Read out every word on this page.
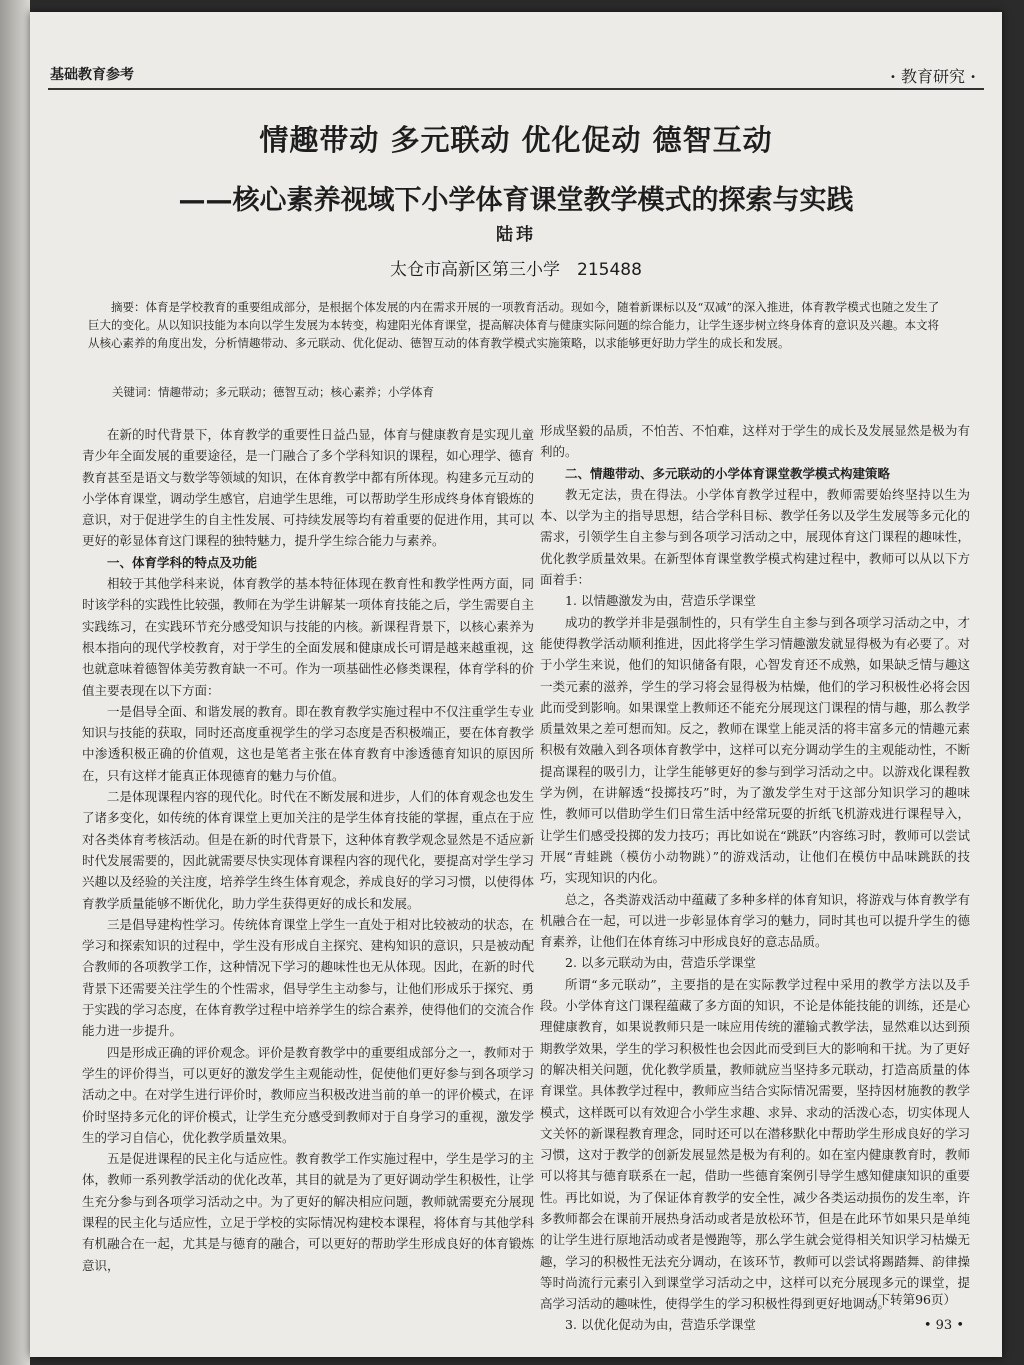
基础教育参考	• 教育研究 •
情趣带动 多元联动 优化促动 德智互动
——核心素养视域下小学体育课堂教学模式的探索与实践
陆玮
太仓市高新区第三小学　215488
摘要：体育是学校教育的重要组成部分，是根据个体发展的内在需求开展的一项教育活动。现如今，随着新课标以及“双减”的深入推进，体育教学模式也随之发生了巨大的变化。从以知识技能为本向以学生发展为本转变，构建阳光体育课堂，提高解决体育与健康实际问题的综合能力，让学生逐步树立终身体育的意识及兴趣。本文将从核心素养的角度出发，分析情趣带动、多元联动、优化促动、德智互动的体育教学模式实施策略，以求能够更好助力学生的成长和发展。
关键词：情趣带动；多元联动；德智互动；核心素养；小学体育

在新的时代背景下，体育教学的重要性日益凸显，体育与健康教育是实现儿童青少年全面发展的重要途径，是一门融合了多个学科知识的课程，如心理学、德育教育甚至是语文与数学等领域的知识，在体育教学中都有所体现。构建多元互动的小学体育课堂，调动学生感官，启迪学生思维，可以帮助学生形成终身体育锻炼的意识，对于促进学生的自主性发展、可持续发展等均有着重要的促进作用，其可以更好的彰显体育这门课程的独特魅力，提升学生综合能力与素养。

一、体育学科的特点及功能

相较于其他学科来说，体育教学的基本特征体现在教育性和教学性两方面，同时该学科的实践性比较强，教师在为学生讲解某一项体育技能之后，学生需要自主实践练习，在实践环节充分感受知识与技能的内核。新课程背景下，以核心素养为根本指向的现代学校教育，对于学生的全面发展和健康成长可谓是越来越重视，这也就意味着德智体美劳教育缺一不可。作为一项基础性必修类课程，体育学科的价值主要表现在以下方面：

一是倡导全面、和谐发展的教育。即在教育教学实施过程中不仅注重学生专业知识与技能的获取，同时还高度重视学生的学习态度是否积极端正，要在体育教学中渗透积极正确的价值观，这也是笔者主张在体育教育中渗透德育知识的原因所在，只有这样才能真正体现德育的魅力与价值。

二是体现课程内容的现代化。时代在不断发展和进步，人们的体育观念也发生了诸多变化，如传统的体育课堂上更加关注的是学生体育技能的掌握，重点在于应对各类体育考核活动。但是在新的时代背景下，这种体育教学观念显然是不适应新时代发展需要的，因此就需要尽快实现体育课程内容的现代化，要提高对学生学习兴趣以及经验的关注度，培养学生终生体育观念，养成良好的学习习惯，以使得体育教学质量能够不断优化，助力学生获得更好的成长和发展。

三是倡导建构性学习。传统体育课堂上学生一直处于相对比较被动的状态，在学习和探索知识的过程中，学生没有形成自主探究、建构知识的意识，只是被动配合教师的各项教学工作，这种情况下学习的趣味性也无从体现。因此，在新的时代背景下还需要关注学生的个性需求，倡导学生主动参与，让他们形成乐于探究、勇于实践的学习态度，在体育教学过程中培养学生的综合素养，使得他们的交流合作能力进一步提升。

四是形成正确的评价观念。评价是教育教学中的重要组成部分之一，教师对于学生的评价得当，可以更好的激发学生主观能动性，促使他们更好参与到各项学习活动之中。在对学生进行评价时，教师应当积极改进当前的单一的评价模式，在评价时坚持多元化的评价模式，让学生充分感受到教师对于自身学习的重视，激发学生的学习自信心，优化教学质量效果。

五是促进课程的民主化与适应性。教育教学工作实施过程中，学生是学习的主体，教师一系列教学活动的优化改革，其目的就是为了更好调动学生积极性，让学生充分参与到各项学习活动之中。为了更好的解决相应问题，教师就需要充分展现课程的民主化与适应性，立足于学校的实际情况构建校本课程，将体育与其他学科有机融合在一起，尤其是与德育的融合，可以更好的帮助学生形成良好的体育锻炼意识，

形成坚毅的品质，不怕苦、不怕难，这样对于学生的成长及发展显然是极为有利的。

二、情趣带动、多元联动的小学体育课堂教学模式构建策略

教无定法，贵在得法。小学体育教学过程中，教师需要始终坚持以生为本、以学为主的指导思想，结合学科目标、教学任务以及学生发展等多元化的需求，引领学生自主参与到各项学习活动之中，展现体育这门课程的趣味性，优化教学质量效果。在新型体育课堂教学模式构建过程中，教师可以从以下方面着手：

1. 以情趣激发为由，营造乐学课堂

成功的教学并非是强制性的，只有学生自主参与到各项学习活动之中，才能使得教学活动顺利推进，因此将学生学习情趣激发就显得极为有必要了。对于小学生来说，他们的知识储备有限，心智发育还不成熟，如果缺乏情与趣这一类元素的滋养，学生的学习将会显得极为枯燥，他们的学习积极性必将会因此而受到影响。如果课堂上教师还不能充分展现这门课程的情与趣，那么教学质量效果之差可想而知。反之，教师在课堂上能灵活的将丰富多元的情趣元素积极有效融入到各项体育教学中，这样可以充分调动学生的主观能动性，不断提高课程的吸引力，让学生能够更好的参与到学习活动之中。以游戏化课程教学为例，在讲解透“投掷技巧”时，为了激发学生对于这部分知识学习的趣味性，教师可以借助学生们日常生活中经常玩耍的折纸飞机游戏进行课程导入，让学生们感受投掷的发力技巧；再比如说在“跳跃”内容练习时，教师可以尝试开展“青蛙跳（模仿小动物跳）”的游戏活动，让他们在模仿中品味跳跃的技巧，实现知识的内化。

总之，各类游戏活动中蕴藏了多种多样的体育知识，将游戏与体育教学有机融合在一起，可以进一步彰显体育学习的魅力，同时其也可以提升学生的德育素养，让他们在体育练习中形成良好的意志品质。

2. 以多元联动为由，营造乐学课堂

所谓“多元联动”，主要指的是在实际教学过程中采用的教学方法以及手段。小学体育这门课程蕴藏了多方面的知识，不论是体能技能的训练，还是心理健康教育，如果说教师只是一味应用传统的灌输式教学法，显然难以达到预期教学效果，学生的学习积极性也会因此而受到巨大的影响和干扰。为了更好的解决相关问题，优化教学质量，教师就应当坚持多元联动，打造高质量的体育课堂。具体教学过程中，教师应当结合实际情况需要，坚持因材施教的教学模式，这样既可以有效迎合小学生求趣、求异、求动的活泼心态，切实体现人文关怀的新课程教育理念，同时还可以在潜移默化中帮助学生形成良好的学习习惯，这对于教学的创新发展显然是极为有利的。如在室内健康教育时，教师可以将其与德育联系在一起，借助一些德育案例引导学生感知健康知识的重要性。再比如说，为了保证体育教学的安全性，减少各类运动损伤的发生率，许多教师都会在课前开展热身活动或者是放松环节，但是在此环节如果只是单纯的让学生进行原地活动或者是慢跑等，那么学生就会觉得相关知识学习枯燥无趣，学习的积极性无法充分调动，在该环节，教师可以尝试将踢踏舞、韵律操等时尚流行元素引入到课堂学习活动之中，这样可以充分展现多元的课堂，提高学习活动的趣味性，使得学生的学习积极性得到更好地调动。

3. 以优化促动为由，营造乐学课堂
（下转第96页）
• 93 •
